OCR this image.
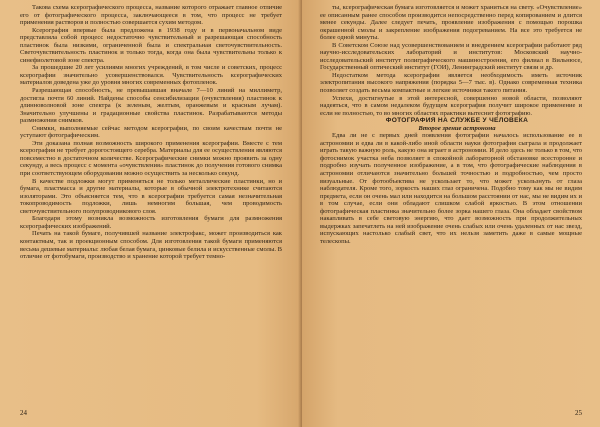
Такова схема ксерографического процесса, название которого отражает главное отличие его от фотографического процесса, заключающееся в том, что процесс не требует применения растворов и полностью совершается сухим методом.

Ксерография впервые была предложена в 1938 году и в первоначальном виде представляла собой процесс недостаточно чувствительный и разрешающая способность пластинок была низкими, ограниченной была и спектральная светочувствительность. Светочувствительность пластинок и только тогда, когда она была чувствительны только к синефиолетовой зоне спектра.

За прошедшие 20 лет усилиями многих учреждений, в том числе и советских, процесс ксерографии значительно усовершенствовался. Чувствительность ксерографических материалов доведена уже до уровня многих современных фотопленок.

Разрешающая способность, не превышавшая вначале 7—10 линий на миллиметр, достигла почти 60 линий. Найдены способы сенсибилизации (очувствления) пластинок к длинноволновой зоне спектра (к зеленым, желтым, оранжевым и красным лучам). Значительно улучшены и градационные свойства пластинок. Разрабатываются методы размножения снимков.

Снимки, выполняемые сейчас методом ксерографии, по своим качествам почти не уступают фотографическим.

Эти доказана полная возможность широкого применения ксерографии. Вместе с тем ксерография не требует дорогостоящего серебра. Материалы для ее осуществления являются повсеместно в достаточном количестве. Ксерографические снимки можно проявить за одну секунду, а весь процесс с момента «очувствления» пластинок до получения готового снимка при соответствующем оборудовании можно осуществить за несколько секунд.

В качестве подложки могут применяться не только металлические пластинки, но и бумага, пластмасса и другие материалы, которые в обычной электротехнике считаются изоляторами. Это объясняется тем, что в ксерографии требуется самая незначительная токопроводимость подложки, лишь немногим большая, чем проводимость светочувствительного полупроводникового слоя.

Благодаря этому возникла возможность изготовления бумаги для размножения ксерографических изображений.

Печать на такой бумаге, получившей название электрофакс, может производиться как контактным, так и проекционным способом. Для изготовления такой бумаги применяются весьма дешевые материалы: любая белая бумага, цинковые белила и искусственные смолы. В отличие от фотобумаги, производство и хранение которой требует темно-

24

ты, ксерографическая бумага изготовляется и может храниться на свету. «Очувствление» ее описанным ранее способом производится непосредственно перед копированием и длится менее секунды. Далее следует печать, проявление изображения с помощью порошка окрашенной смолы и закрепление изображения подогреванием. На все это требуется не более одной минуты.

В Советском Союзе над усовершенствованием и внедрением ксерографии работают ряд научно-исследовательских лабораторий и институтов: Московский научно-исследовательский институт полиграфического машиностроения, его филиал в Вильнюсе, Государственный оптический институт (ГОИ), Ленинградский институт связи и др.

Недостатком метода ксерографии является необходимость иметь источник электропитания высокого напряжения (порядка 5—7 тыс. в). Однако современная техника позволяет создать весьма компактные и легкие источники такого питания.

Успехи, достигнутые в этой интересной, совершенно новой области, позволяют надеяться, что в самом недалеком будущем ксерография получит широкое применение и если не полностью, то во многих областях практики вытеснит фотографию.

ФОТОГРАФИЯ НА СЛУЖБЕ У ЧЕЛОВЕКА

Второе зрение астронома

Едва ли не с первых дней появления фотографии началось использование ее в астрономии и едва ли в какой-либо иной области науки фотография сыграла и продолжает играть такую важную роль, какую она играет в астрономии. И дело здесь не только в том, что фотоснимок участка неба позволяет в спокойной лабораторной обстановке всесторонне и подробно изучать полученное изображение, а в том, что фотографические наблюдения в астрономии отличаются значительно большей точностью и подробностью, чем просто визуальные. От фотообъектива не ускользает то, что может ускользнуть от глаза наблюдателя. Кроме того, зоркость наших глаз ограничена. Подобно тому как мы не видим предмета, если он очень мал или находится на большом расстоянии от нас, мы не видим их и в том случае, если они обладают слишком слабой яркостью. В этом отношении фотографическая пластинка значительно более зорка нашего глаза. Она обладает свойством накапливать в себе световую энергию, что дает возможность при продолжительных выдержках запечатлеть на ней изображение очень слабых или очень удаленных от нас звезд, испускающих настолько слабый свет, что их нельзя заметить даже в самые мощные телескопы.

25
